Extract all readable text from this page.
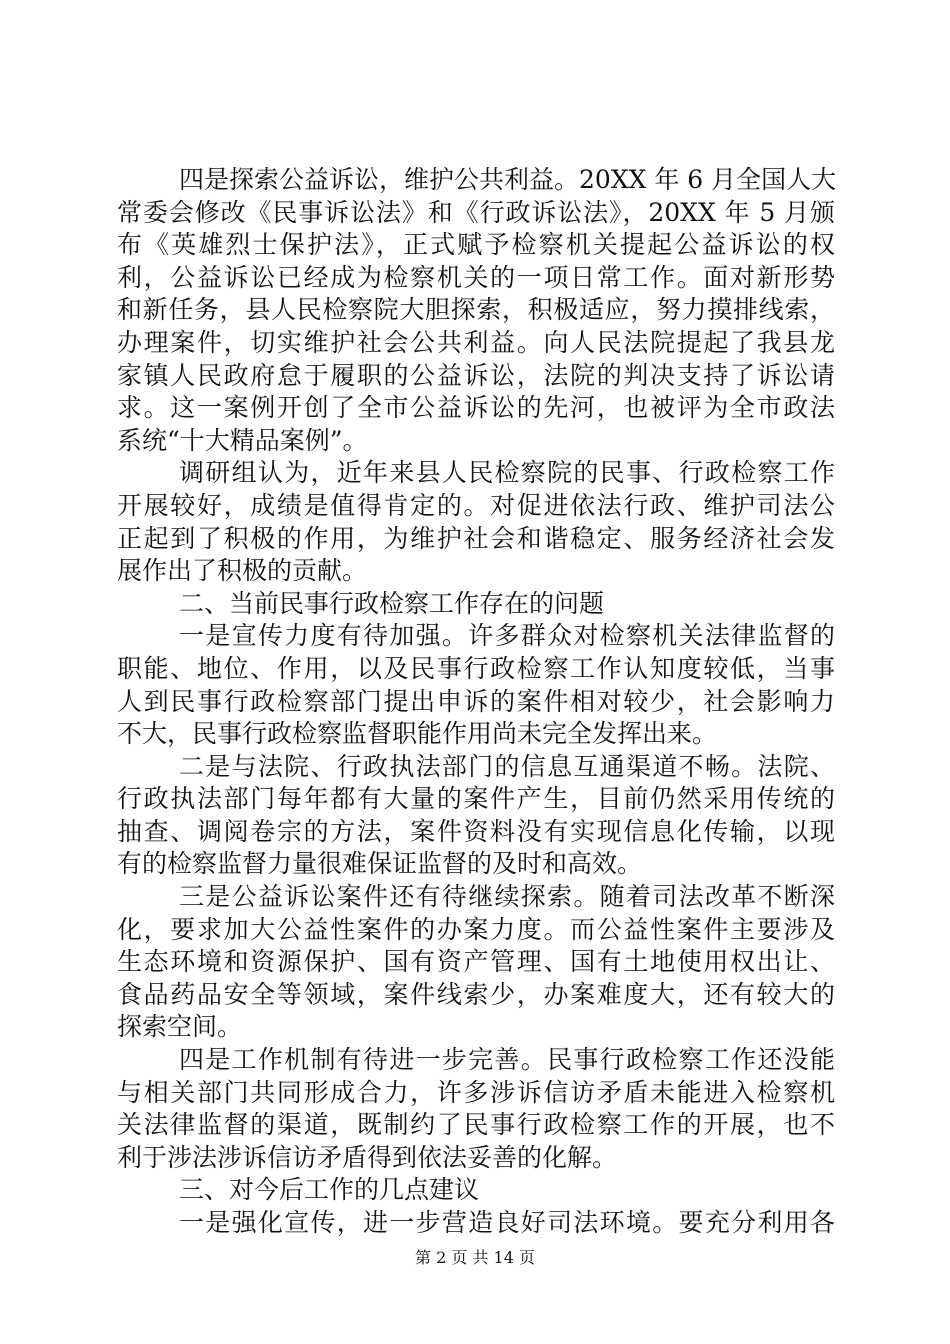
四是探索公益诉讼，维护公共利益。20XX 年 6 月全国人大
常委会修改《民事诉讼法》和《行政诉讼法》，20XX 年 5 月颁
布《英雄烈士保护法》，正式赋予检察机关提起公益诉讼的权
利，公益诉讼已经成为检察机关的一项日常工作。面对新形势
和新任务，县人民检察院大胆探索，积极适应，努力摸排线索，
办理案件，切实维护社会公共利益。向人民法院提起了我县龙
家镇人民政府怠于履职的公益诉讼，法院的判决支持了诉讼请
求。这一案例开创了全市公益诉讼的先河，也被评为全市政法
系统“十大精品案例”。
调研组认为，近年来县人民检察院的民事、行政检察工作
开展较好，成绩是值得肯定的。对促进依法行政、维护司法公
正起到了积极的作用，为维护社会和谐稳定、服务经济社会发
展作出了积极的贡献。
二、当前民事行政检察工作存在的问题
一是宣传力度有待加强。许多群众对检察机关法律监督的
职能、地位、作用，以及民事行政检察工作认知度较低，当事
人到民事行政检察部门提出申诉的案件相对较少，社会影响力
不大，民事行政检察监督职能作用尚未完全发挥出来。
二是与法院、行政执法部门的信息互通渠道不畅。法院、
行政执法部门每年都有大量的案件产生，目前仍然采用传统的
抽查、调阅卷宗的方法，案件资料没有实现信息化传输，以现
有的检察监督力量很难保证监督的及时和高效。
三是公益诉讼案件还有待继续探索。随着司法改革不断深
化，要求加大公益性案件的办案力度。而公益性案件主要涉及
生态环境和资源保护、国有资产管理、国有土地使用权出让、
食品药品安全等领域，案件线索少，办案难度大，还有较大的
探索空间。
四是工作机制有待进一步完善。民事行政检察工作还没能
与相关部门共同形成合力，许多涉诉信访矛盾未能进入检察机
关法律监督的渠道，既制约了民事行政检察工作的开展，也不
利于涉法涉诉信访矛盾得到依法妥善的化解。
三、对今后工作的几点建议
一是强化宣传，进一步营造良好司法环境。要充分利用各
第 2 页 共 14 页
